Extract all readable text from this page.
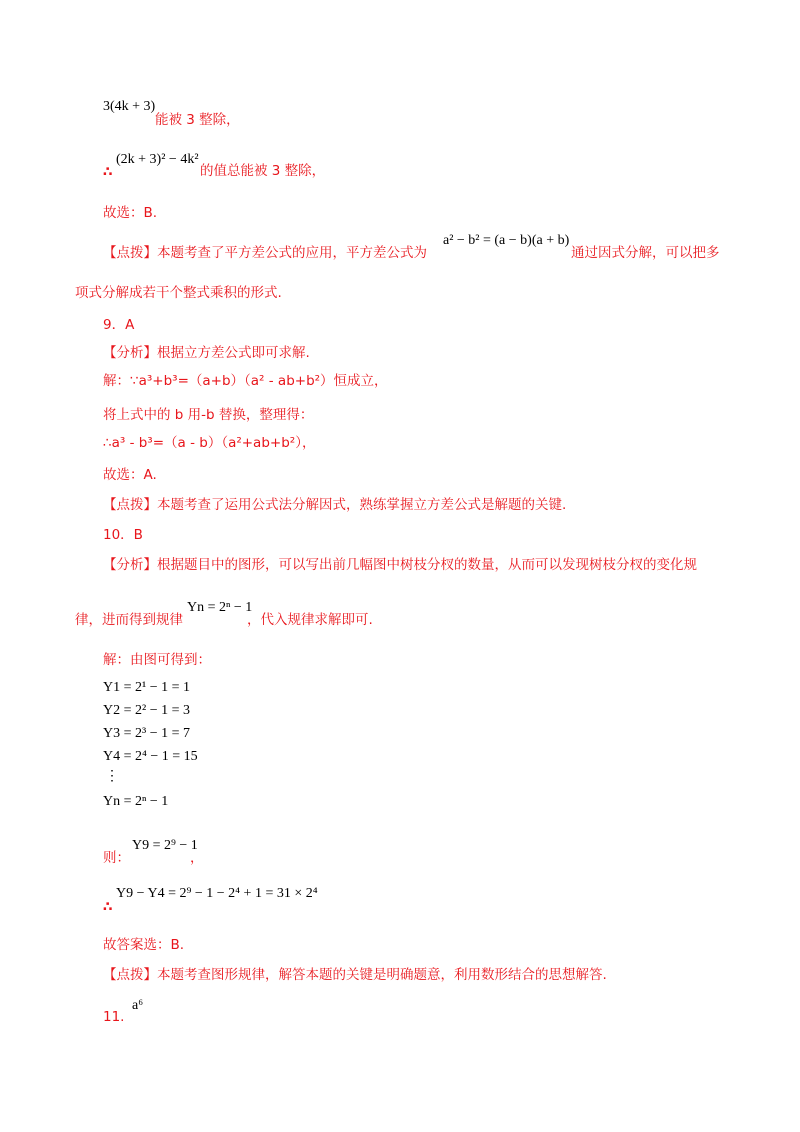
3(4k + 3)
能被 3 整除，
∴
(2k + 3)² − 4k²
的值总能被 3 整除，
故选：B.
【点拨】本题考查了平方差公式的应用，平方差公式为
a² − b² = (a − b)(a + b)
通过因式分解，可以把多
项式分解成若干个整式乘积的形式.
9．A
【分析】根据立方差公式即可求解.
解：∵a³+b³=（a+b）（a² - ab+b²）恒成立，
将上式中的 b 用-b 替换，整理得：
∴a³ - b³=（a - b）（a²+ab+b²），
故选：A.
【点拨】本题考查了运用公式法分解因式，熟练掌握立方差公式是解题的关键.
10．B
【分析】根据题目中的图形，可以写出前几幅图中树枝分杈的数量，从而可以发现树枝分杈的变化规
律，进而得到规律
Yn = 2ⁿ − 1
，代入规律求解即可.
解：由图可得到：
Y1 = 2¹ − 1 = 1
Y2 = 2² − 1 = 3
Y3 = 2³ − 1 = 7
Y4 = 2⁴ − 1 = 15
⋮
Yn = 2ⁿ − 1
则：
Y9 = 2⁹ − 1
，
∴
Y9 − Y4 = 2⁹ − 1 − 2⁴ + 1 = 31 × 2⁴
故答案选：B.
【点拨】本题考查图形规律，解答本题的关键是明确题意，利用数形结合的思想解答.
11.
a⁶
